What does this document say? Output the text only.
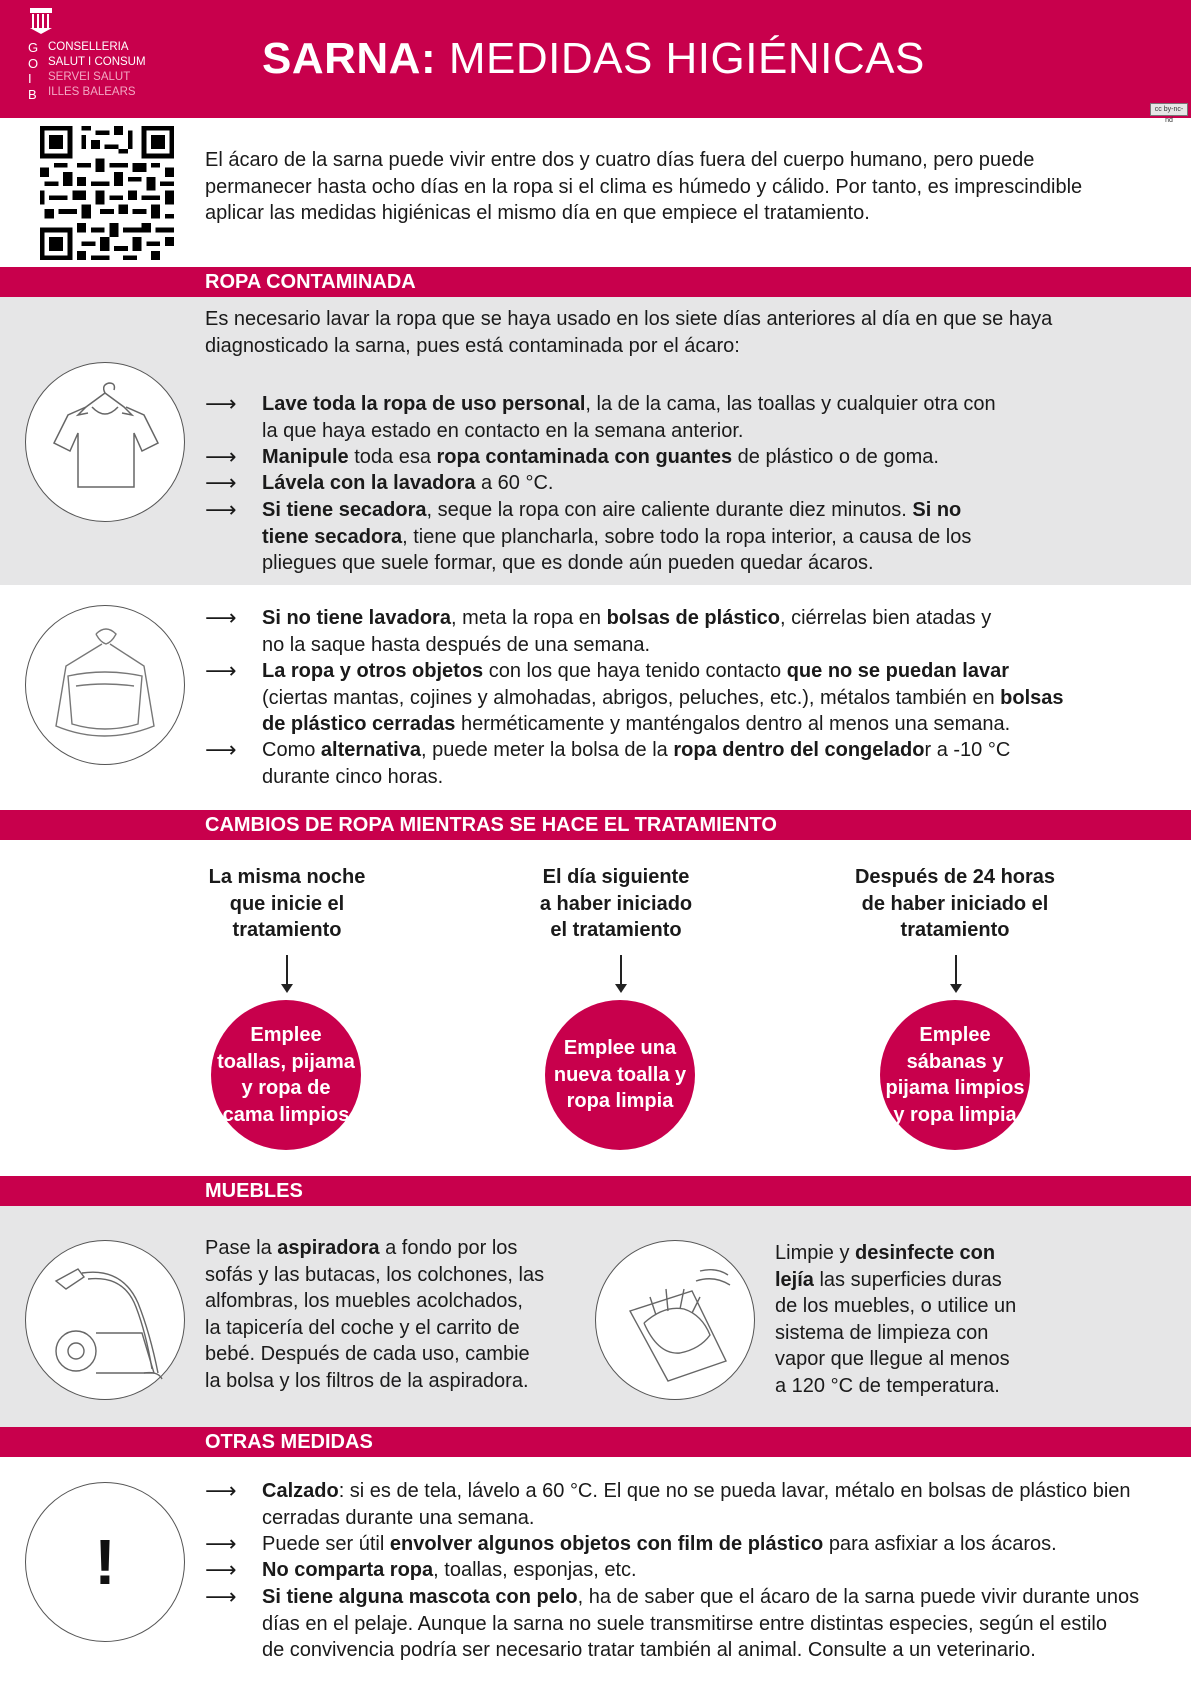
G
O
I
B
CONSELLERIA
SALUT I CONSUM
SERVEI SALUT
ILLES BALEARS
SARNA: MEDIDAS HIGIÉNICAS
cc by-nc-nd
El ácaro de la sarna puede vivir entre dos y cuatro días fuera del cuerpo humano, pero puede permanecer hasta ocho días en la ropa si el clima es húmedo y cálido. Por tanto, es imprescindible aplicar las medidas higiénicas el mismo día en que empiece el tratamiento.
ROPA CONTAMINADA
Es necesario lavar la ropa que se haya usado en los siete días anteriores al día en que se haya diagnosticado la sarna, pues está contaminada por el ácaro:
⟶	Lave toda la ropa de uso personal, la de la cama, las toallas y cualquier otra con
la que haya estado en contacto en la semana anterior.
⟶	Manipule toda esa ropa contaminada con guantes de plástico o de goma.
⟶	Lávela con la lavadora a 60 °C.
⟶	Si tiene secadora, seque la ropa con aire caliente durante diez minutos. Si no
tiene secadora, tiene que plancharla, sobre todo la ropa interior, a causa de los
pliegues que suele formar, que es donde aún pueden quedar ácaros.
⟶	Si no tiene lavadora, meta la ropa en bolsas de plástico, ciérrelas bien atadas y
no la saque hasta después de una semana.
⟶	La ropa y otros objetos con los que haya tenido contacto que no se puedan lavar
(ciertas mantas, cojines y almohadas, abrigos, peluches, etc.), métalos también en bolsas
de plástico cerradas herméticamente y manténgalos dentro al menos una semana.
⟶	Como alternativa, puede meter la bolsa de la ropa dentro del congelador a -10 °C
durante cinco horas.
CAMBIOS DE ROPA MIENTRAS SE HACE EL TRATAMIENTO
La misma noche
que inicie el
tratamiento
Emplee
toallas, pijama
y ropa de
cama limpios
El día siguiente
a haber iniciado
el tratamiento
Emplee una
nueva toalla y
ropa limpia
Después de 24 horas
de haber iniciado el
tratamiento
Emplee
sábanas y
pijama limpios
y ropa limpia
MUEBLES
Pase la aspiradora a fondo por los
sofás y las butacas, los colchones, las
alfombras, los muebles acolchados,
la tapicería del coche y el carrito de
bebé. Después de cada uso, cambie
la bolsa y los filtros de la aspiradora.
Limpie y desinfecte con
lejía las superficies duras
de los muebles, o utilice un
sistema de limpieza con
vapor que llegue al menos
a 120 °C de temperatura.
OTRAS MEDIDAS
!
⟶	Calzado: si es de tela, lávelo a 60 °C. El que no se pueda lavar, métalo en bolsas de plástico bien
cerradas durante una semana.
⟶	Puede ser útil envolver algunos objetos con film de plástico para asfixiar a los ácaros.
⟶	No comparta ropa, toallas, esponjas, etc.
⟶	Si tiene alguna mascota con pelo, ha de saber que el ácaro de la sarna puede vivir durante unos
días en el pelaje. Aunque la sarna no suele transmitirse entre distintas especies, según el estilo
de convivencia podría ser necesario tratar también al animal. Consulte a un veterinario.
